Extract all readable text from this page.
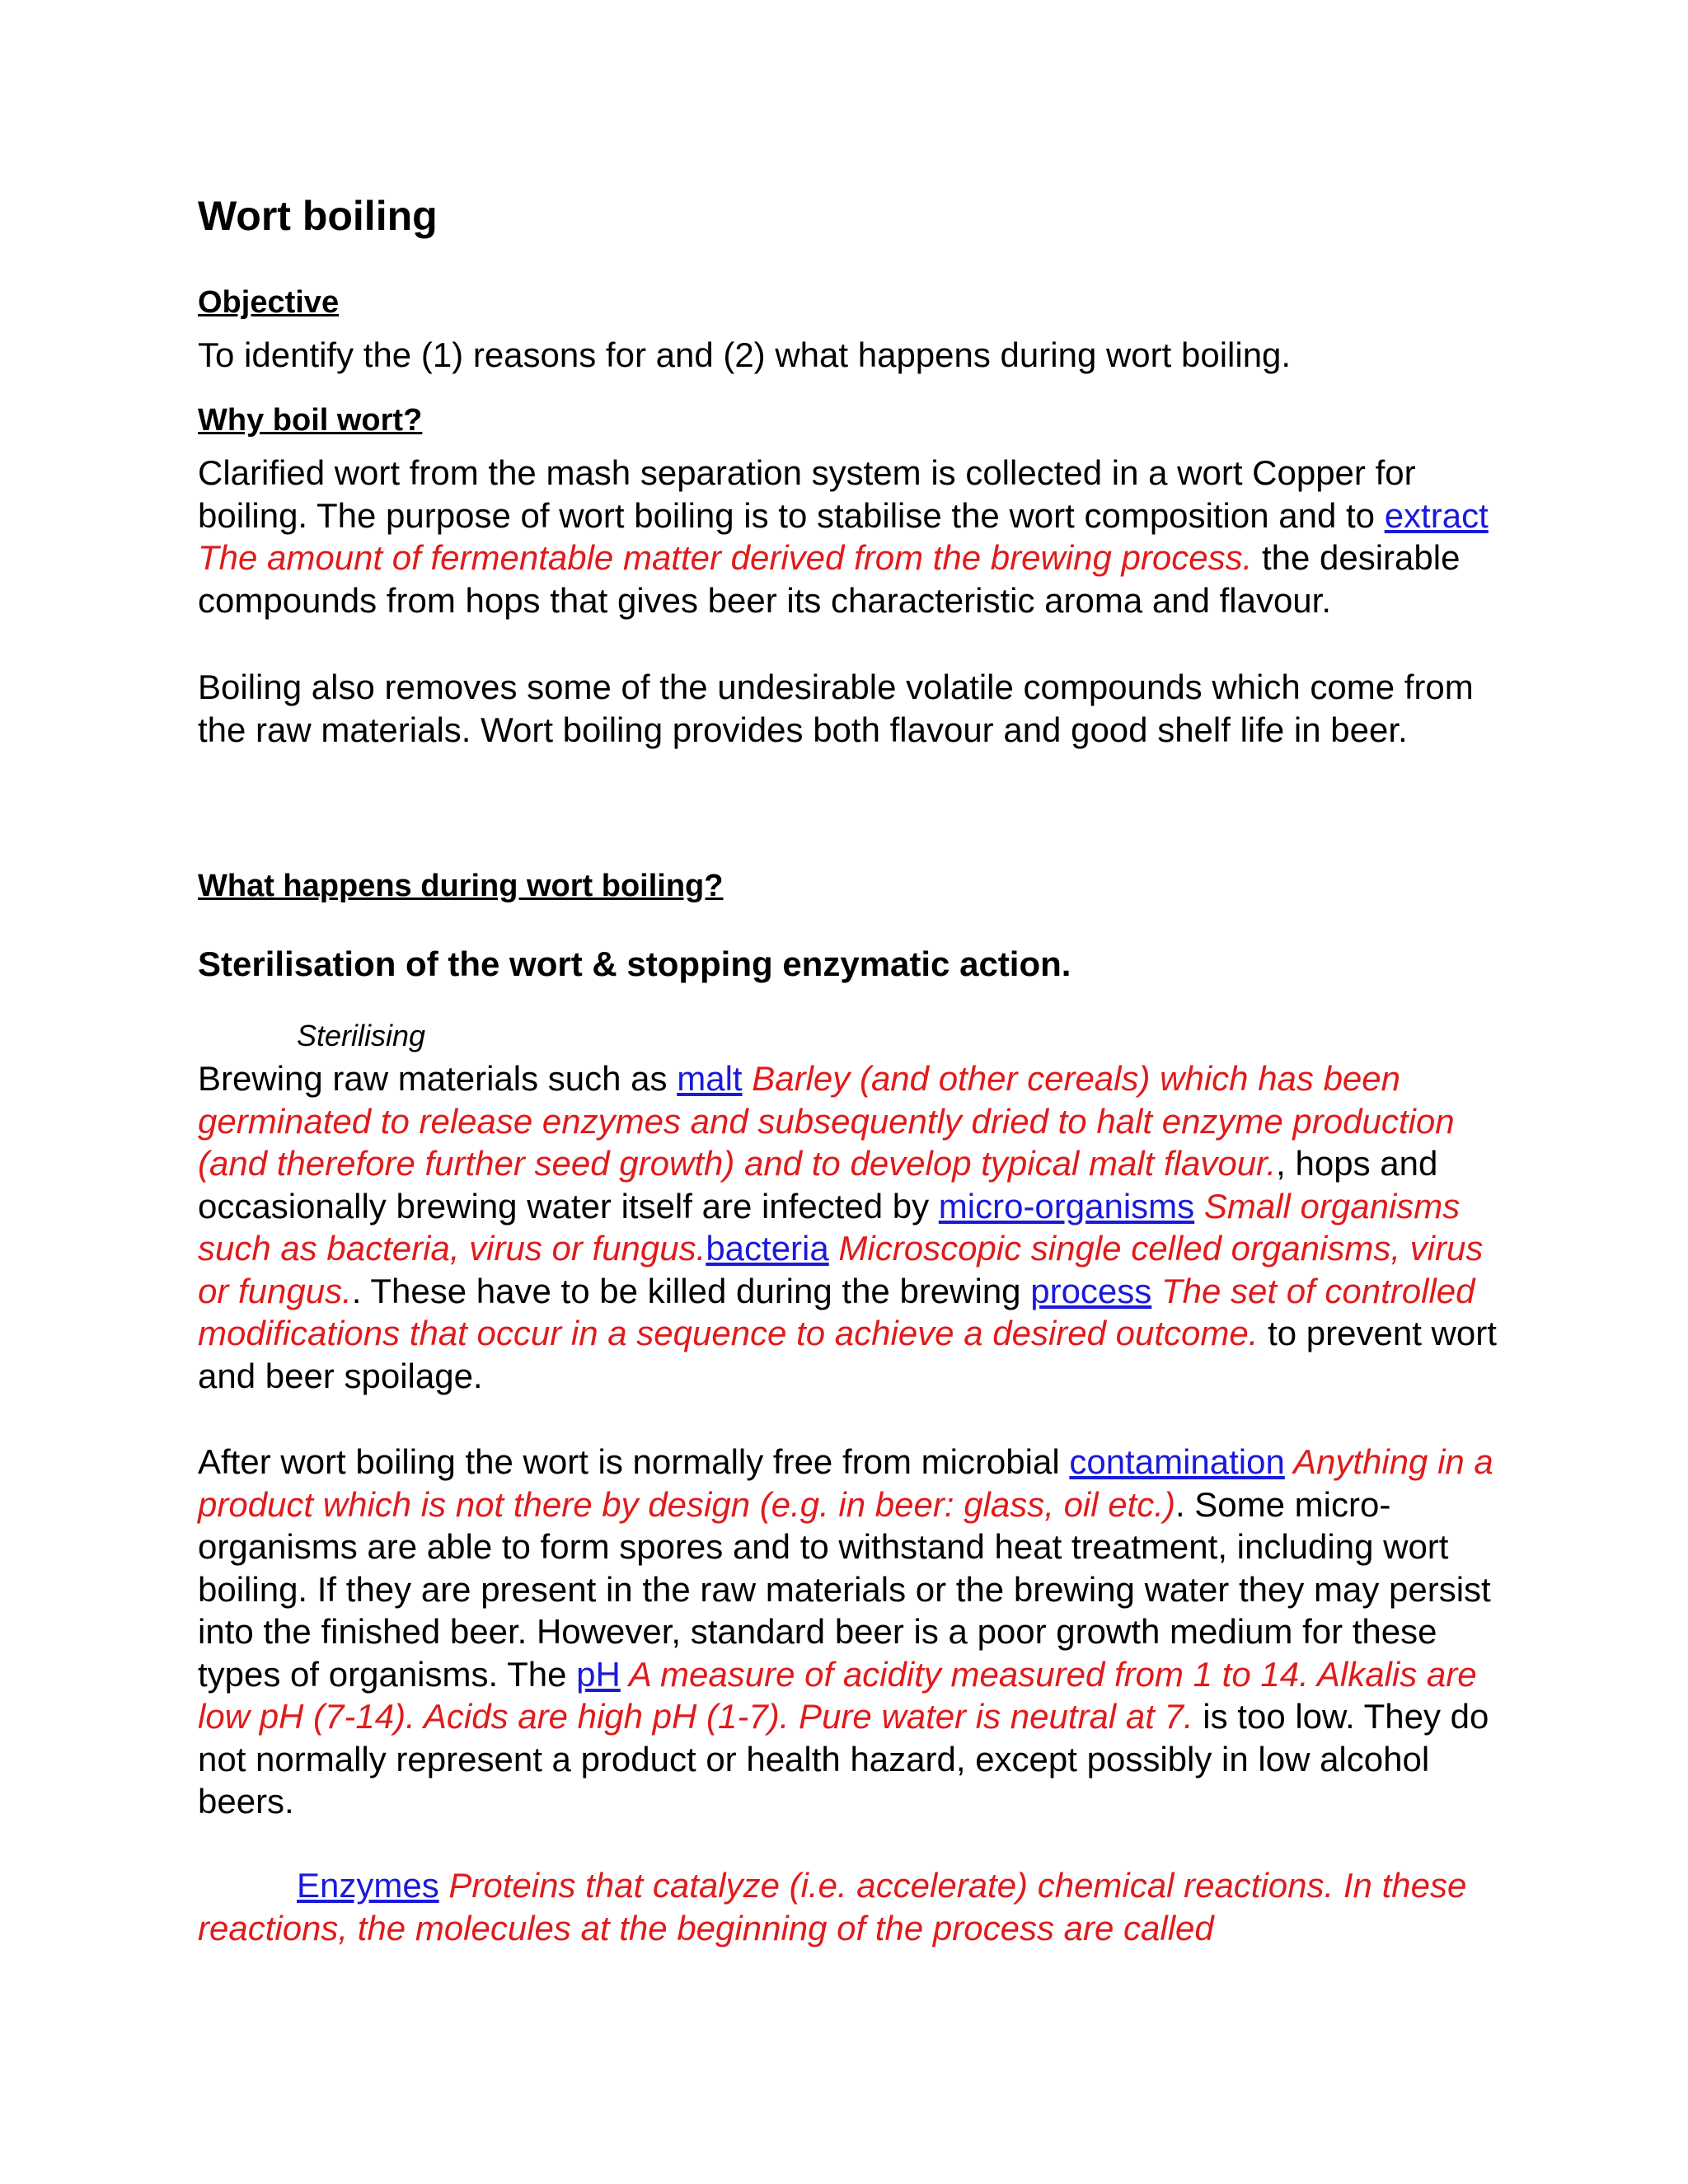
Wort boiling
Objective

To identify the (1) reasons for and (2) what happens during wort boiling.

Why boil wort?

Clarified wort from the mash separation system is collected in a wort Copper for boiling. The purpose of wort boiling is to stabilise the wort composition and to extract The amount of fermentable matter derived from the brewing process. the desirable compounds from hops that gives beer its characteristic aroma and flavour.

Boiling also removes some of the undesirable volatile compounds which come from the raw materials. Wort boiling provides both flavour and good shelf life in beer.

What happens during wort boiling?
Sterilisation of the wort & stopping enzymatic action.

Sterilising

Brewing raw materials such as malt Barley (and other cereals) which has been germinated to release enzymes and subsequently dried to halt enzyme production (and therefore further seed growth) and to develop typical malt flavour., hops and occasionally brewing water itself are infected by micro-organisms Small organisms such as bacteria, virus or fungus.bacteria Microscopic single celled organisms, virus or fungus.. These have to be killed during the brewing process The set of controlled modifications that occur in a sequence to achieve a desired outcome. to prevent wort and beer spoilage.

After wort boiling the wort is normally free from microbial contamination Anything in a product which is not there by design (e.g. in beer: glass, oil etc.). Some micro-organisms are able to form spores and to withstand heat treatment, including wort boiling. If they are present in the raw materials or the brewing water they may persist into the finished beer. However, standard beer is a poor growth medium for these types of organisms. The pH A measure of acidity measured from 1 to 14. Alkalis are low pH (7-14). Acids are high pH (1-7). Pure water is neutral at 7. is too low. They do not normally represent a product or health hazard, except possibly in low alcohol beers.

Enzymes Proteins that catalyze (i.e. accelerate) chemical reactions. In these reactions, the molecules at the beginning of the process are called
